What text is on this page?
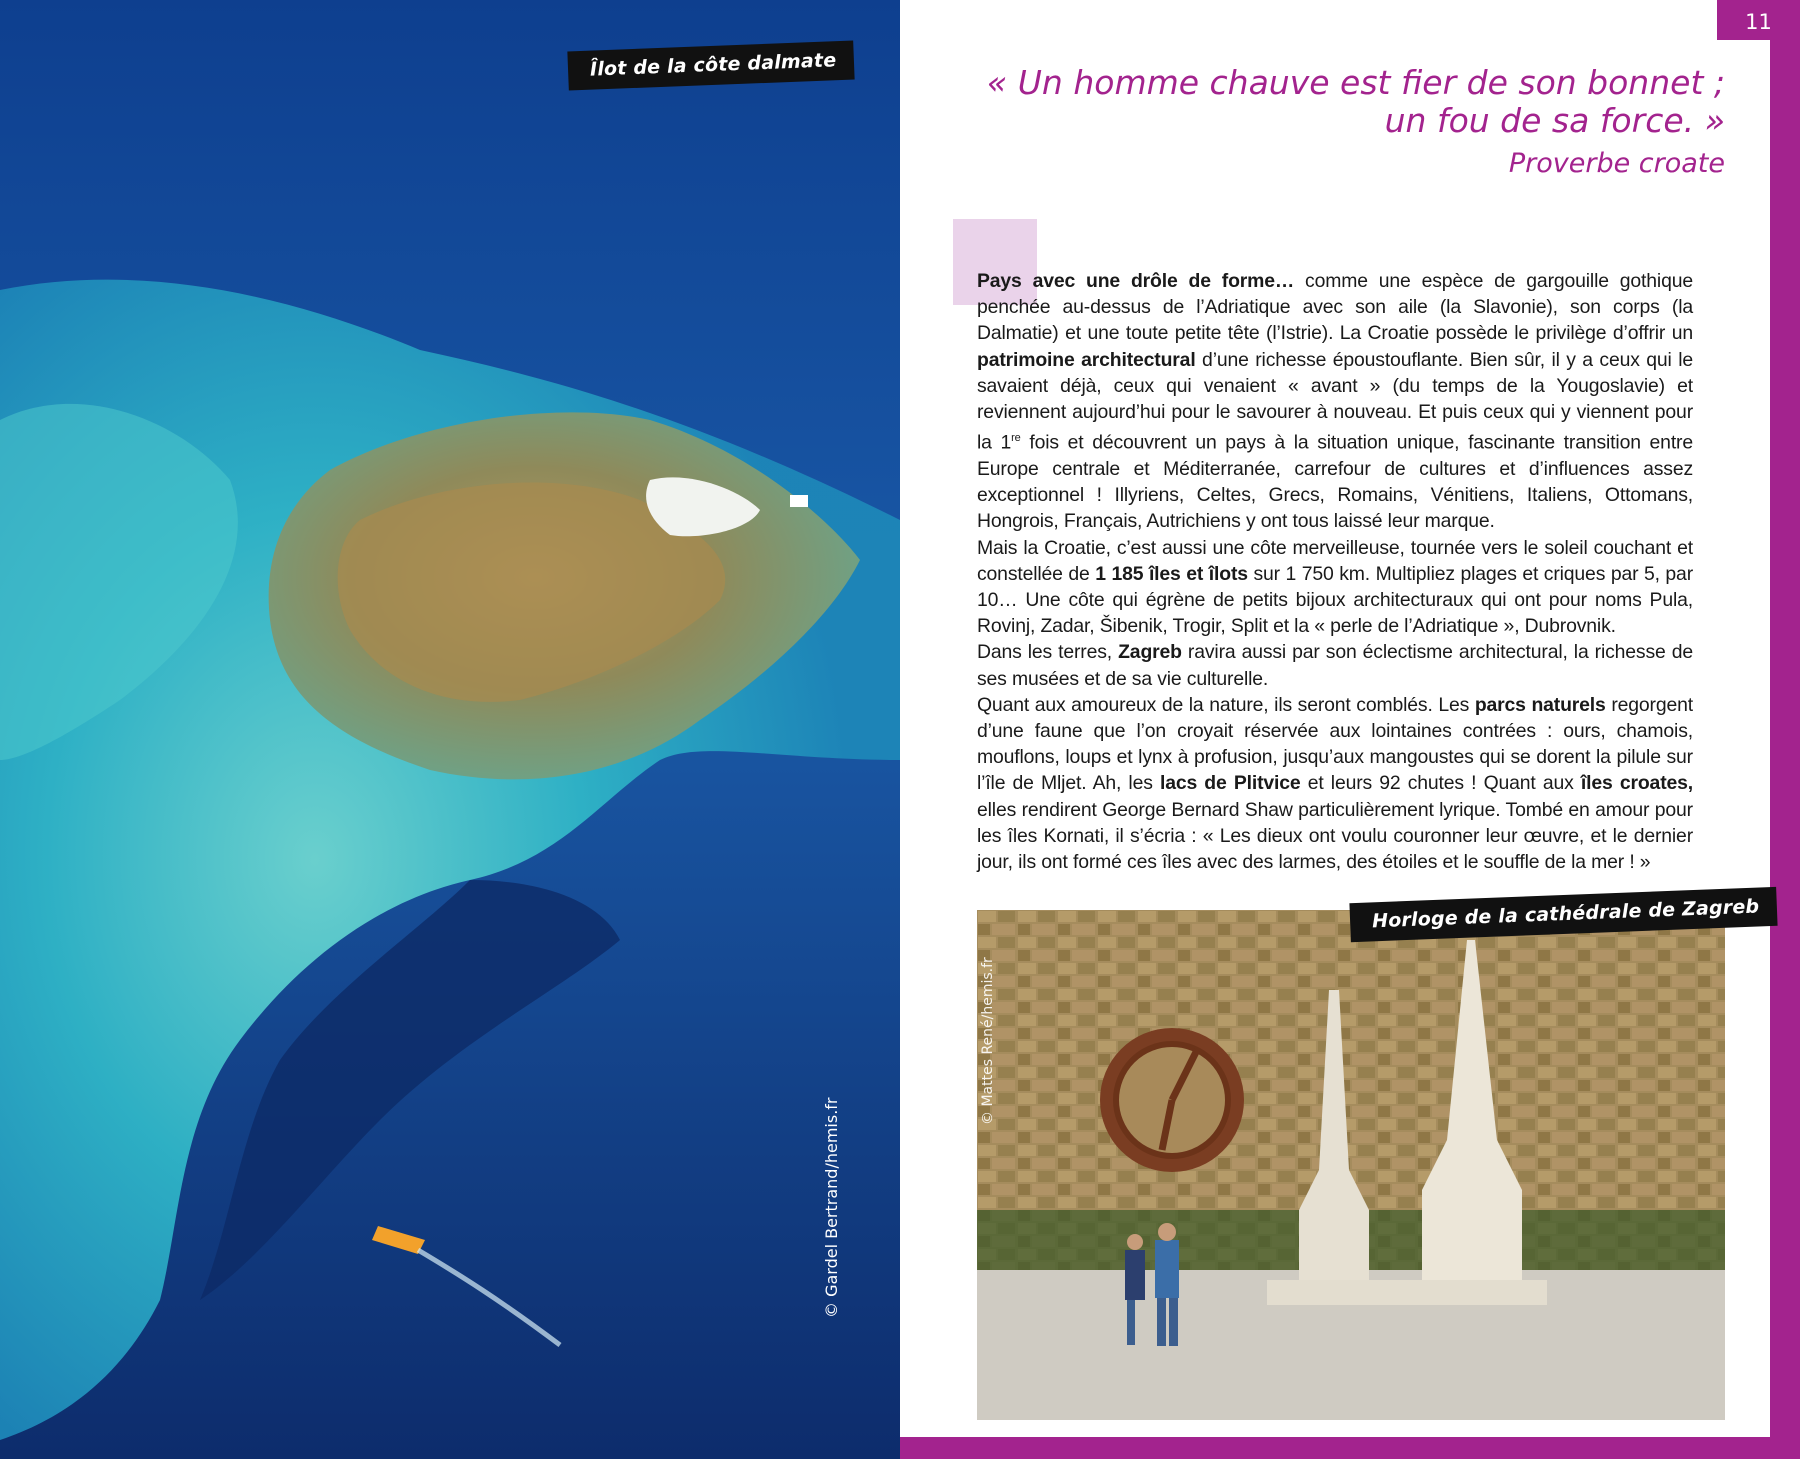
Îlot de la côte dalmate
© Gardel Bertrand/hemis.fr
11
« Un homme chauve est fier de son bonnet ;
un fou de sa force. »
Proverbe croate

Pays avec une drôle de forme… comme une espèce de gargouille gothique penchée au-dessus de l’Adriatique avec son aile (la Slavonie), son corps (la Dalmatie) et une toute petite tête (l’Istrie). La Croatie possède le privilège d’offrir un patrimoine architectural d’une richesse époustouflante. Bien sûr, il y a ceux qui le savaient déjà, ceux qui venaient « avant » (du temps de la Yougoslavie) et reviennent aujourd’hui pour le savourer à nouveau. Et puis ceux qui y viennent pour la 1re fois et découvrent un pays à la situation unique, fascinante transition entre Europe centrale et Méditerranée, carrefour de cultures et d’influences assez exceptionnel ! Illyriens, Celtes, Grecs, Romains, Vénitiens, Italiens, Ottomans, Hongrois, Français, Autrichiens y ont tous laissé leur marque.

Mais la Croatie, c’est aussi une côte merveilleuse, tournée vers le soleil couchant et constellée de 1 185 îles et îlots sur 1 750 km. Multipliez plages et criques par 5, par 10… Une côte qui égrène de petits bijoux architecturaux qui ont pour noms Pula, Rovinj, Zadar, Šibenik, Trogir, Split et la « perle de l’Adriatique », Dubrovnik.

Dans les terres, Zagreb ravira aussi par son éclectisme architectural, la richesse de ses musées et de sa vie culturelle.

Quant aux amoureux de la nature, ils seront comblés. Les parcs naturels regorgent d’une faune que l’on croyait réservée aux lointaines contrées : ours, chamois, mouflons, loups et lynx à profusion, jusqu’aux mangoustes qui se dorent la pilule sur l’île de Mljet. Ah, les lacs de Plitvice et leurs 92 chutes ! Quant aux îles croates, elles rendirent George Bernard Shaw particulièrement lyrique. Tombé en amour pour les îles Kornati, il s’écria : « Les dieux ont voulu couronner leur œuvre, et le dernier jour, ils ont formé ces îles avec des larmes, des étoiles et le souffle de la mer ! »

Horloge de la cathédrale de Zagreb
© Mattes René/hemis.fr
